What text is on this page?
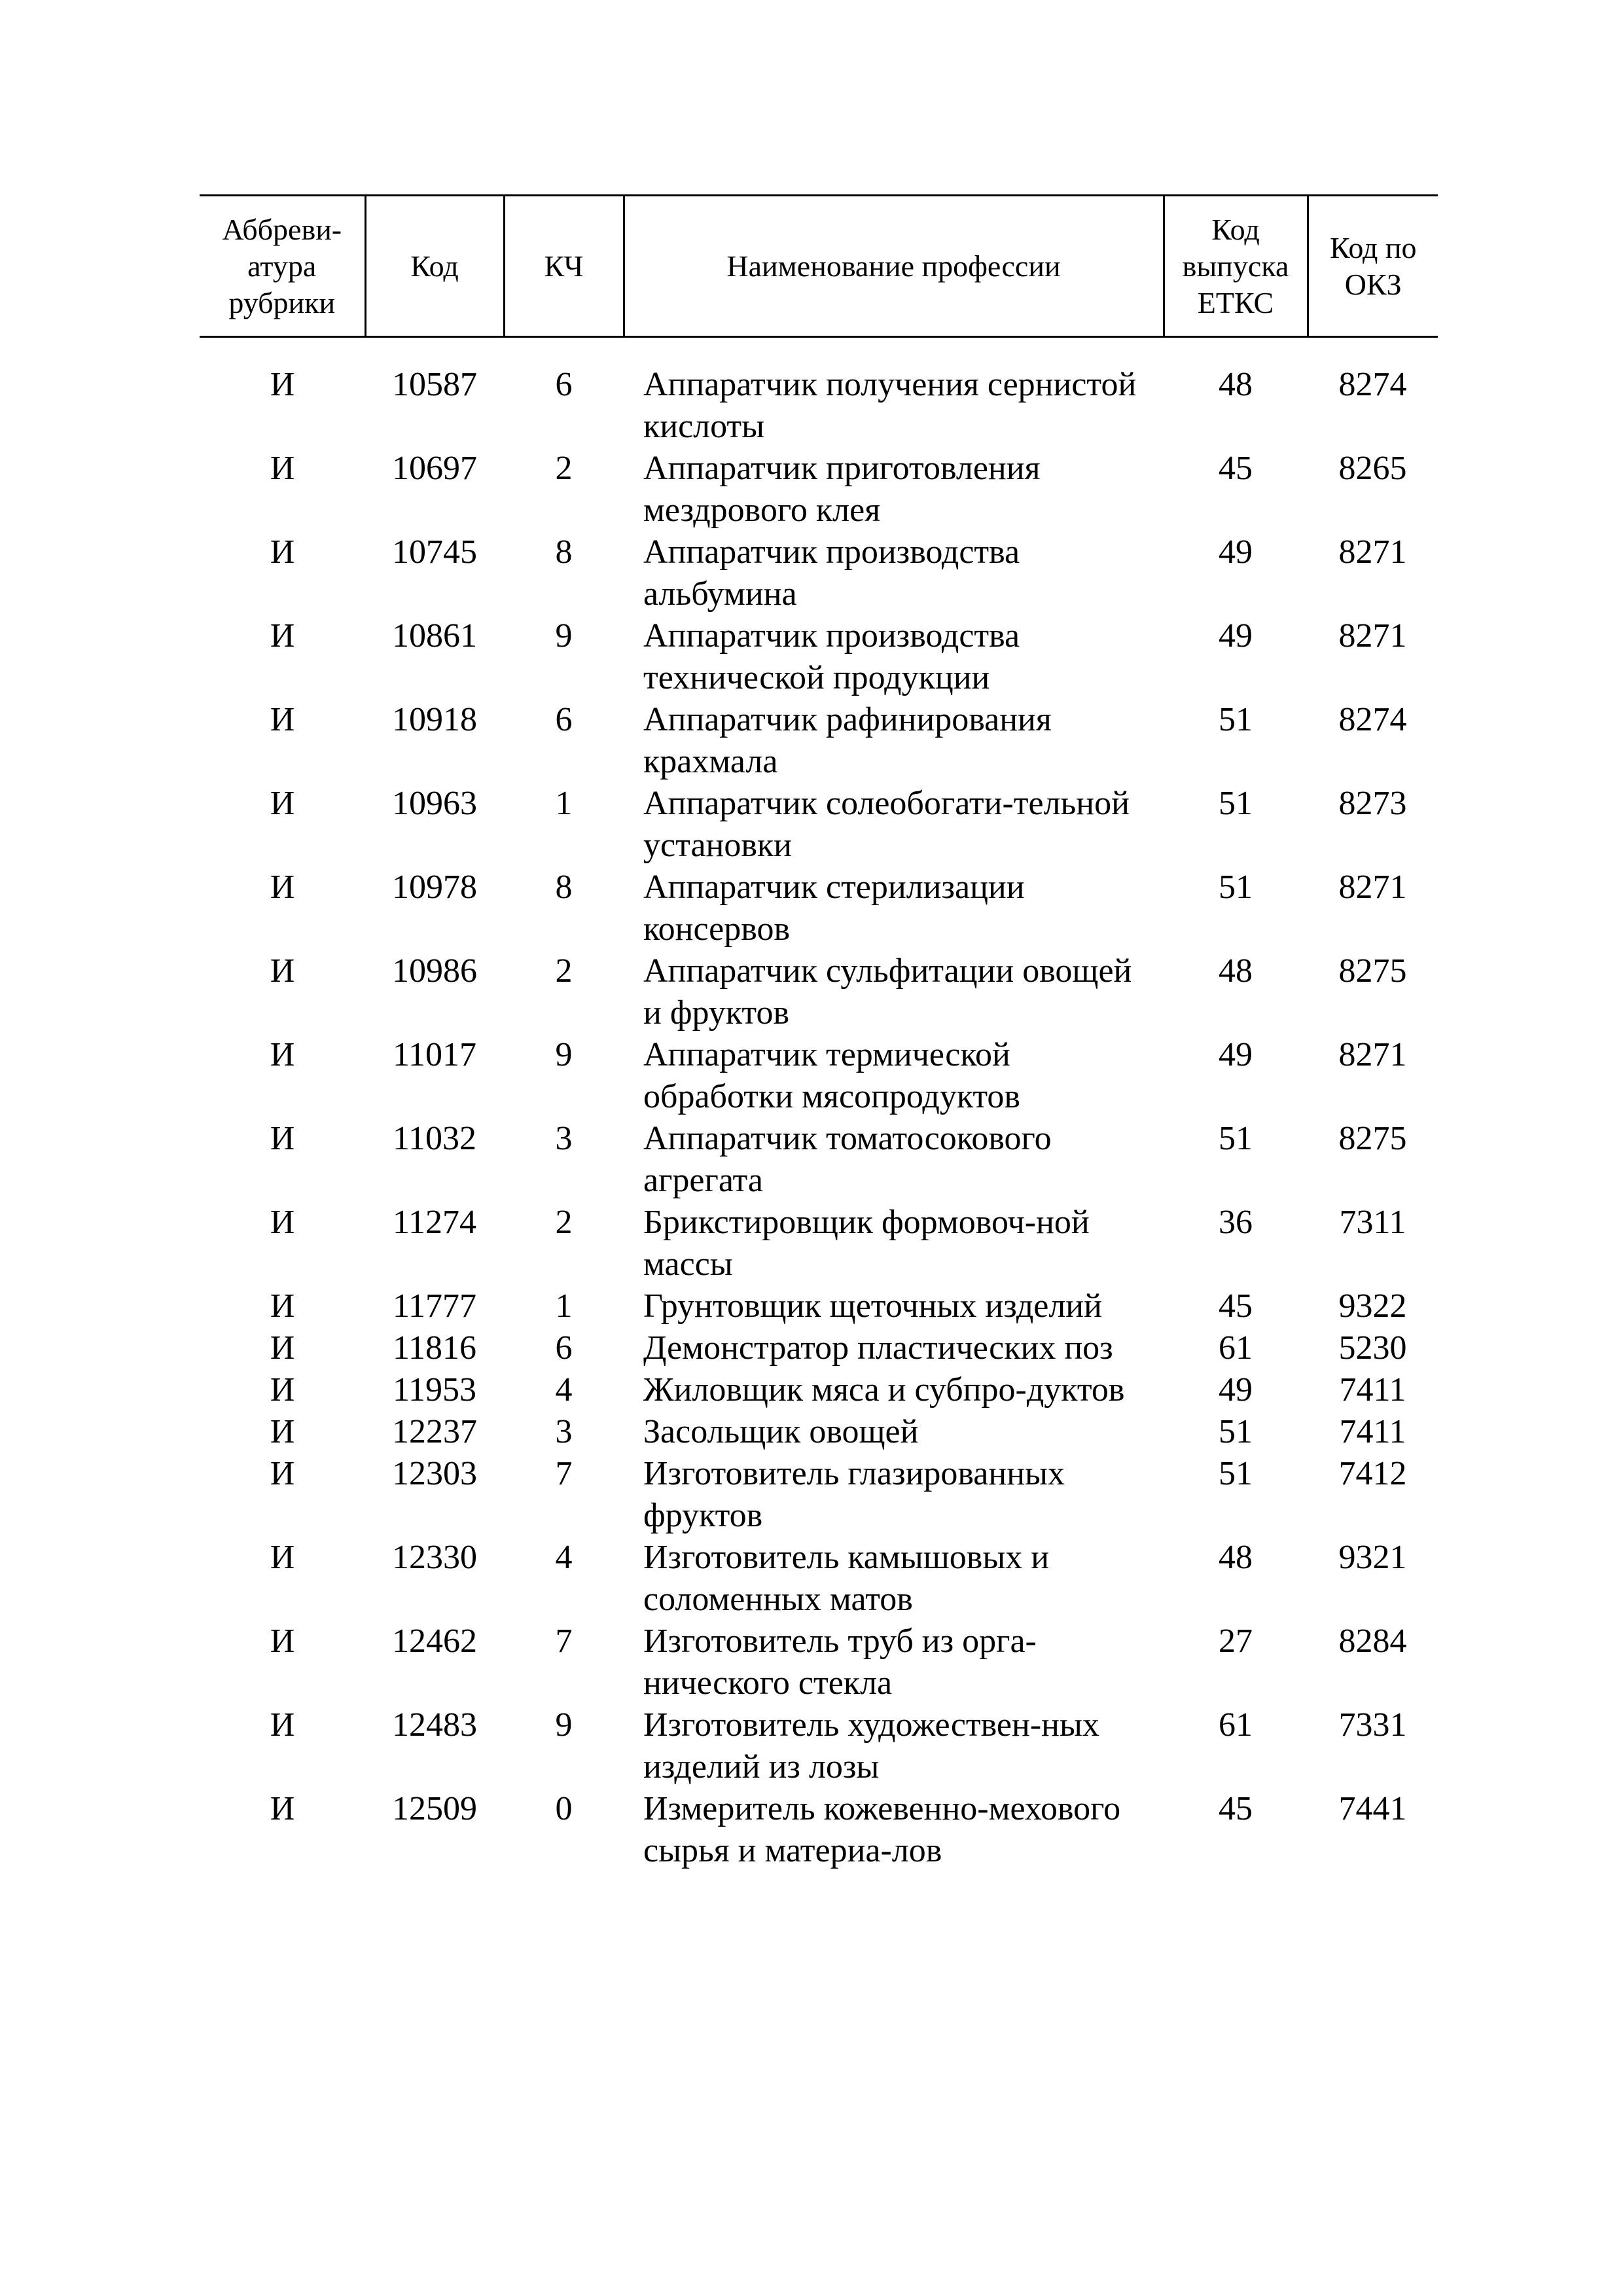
Аббреви-атура рубрики	Код	КЧ	Наименование профессии	Код выпуска ЕТКС	Код по ОКЗ
И	10587	6	Аппаратчик получения сернистой кислоты	48	8274
И	10697	2	Аппаратчик приготовления мездрового клея	45	8265
И	10745	8	Аппаратчик производства альбумина	49	8271
И	10861	9	Аппаратчик производства технической продукции	49	8271
И	10918	6	Аппаратчик рафинирования крахмала	51	8274
И	10963	1	Аппаратчик солеобогати-тельной установки	51	8273
И	10978	8	Аппаратчик стерилизации консервов	51	8271
И	10986	2	Аппаратчик сульфитации овощей и фруктов	48	8275
И	11017	9	Аппаратчик термической обработки мясопродуктов	49	8271
И	11032	3	Аппаратчик томатосокового агрегата	51	8275
И	11274	2	Брикстировщик формовоч-ной массы	36	7311
И	11777	1	Грунтовщик щеточных изделий	45	9322
И	11816	6	Демонстратор пластических поз	61	5230
И	11953	4	Жиловщик мяса и субпро-дуктов	49	7411
И	12237	3	Засольщик овощей	51	7411
И	12303	7	Изготовитель глазированных фруктов	51	7412
И	12330	4	Изготовитель камышовых и соломенных матов	48	9321
И	12462	7	Изготовитель труб из орга-нического стекла	27	8284
И	12483	9	Изготовитель художествен-ных изделий из лозы	61	7331
И	12509	0	Измеритель кожевенно-мехового сырья и материа-лов	45	7441
